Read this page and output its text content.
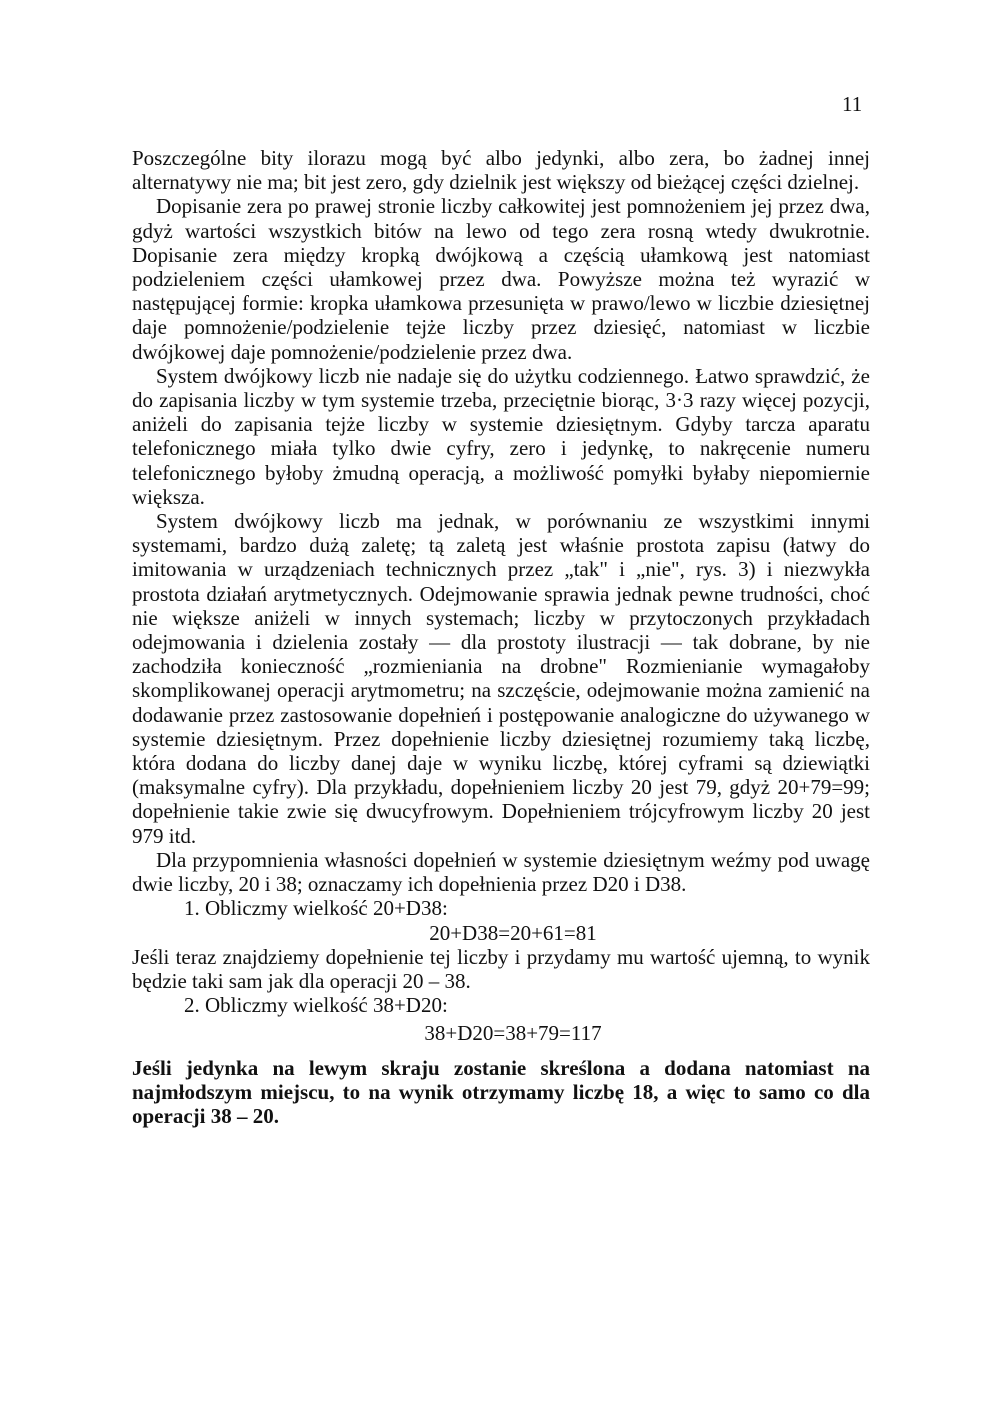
11

Poszczególne bity ilorazu mogą być albo jedynki, albo zera, bo żadnej innej alternatywy nie ma; bit jest zero, gdy dzielnik jest większy od bieżącej części dzielnej.

Dopisanie zera po prawej stronie liczby całkowitej jest pomnożeniem jej przez dwa, gdyż wartości wszystkich bitów na lewo od tego zera rosną wtedy dwukrotnie. Dopisanie zera między kropką dwójkową a częścią ułamkową jest natomiast podzieleniem części ułamkowej przez dwa. Powyższe można też wyrazić w następującej formie: kropka ułamkowa przesunięta w prawo/lewo w liczbie dziesiętnej daje pomnożenie/podzielenie tejże liczby przez dziesięć, natomiast w liczbie dwójkowej daje pomnożenie/podzielenie przez dwa.

System dwójkowy liczb nie nadaje się do użytku codziennego. Łatwo sprawdzić, że do zapisania liczby w tym systemie trzeba, przeciętnie biorąc, 3·3 razy więcej pozycji, aniżeli do zapisania tejże liczby w systemie dziesiętnym. Gdyby tarcza aparatu telefonicznego miała tylko dwie cyfry, zero i jedynkę, to nakręcenie numeru telefonicznego byłoby żmudną operacją, a możliwość pomyłki byłaby niepomiernie większa.

System dwójkowy liczb ma jednak, w porównaniu ze wszystkimi innymi systemami, bardzo dużą zaletę; tą zaletą jest właśnie prostota zapisu (łatwy do imitowania w urządzeniach technicznych przez „tak" i „nie", rys. 3) i niezwykła prostota działań arytmetycznych. Odejmowanie sprawia jednak pewne trudności, choć nie większe aniżeli w innych systemach; liczby w przytoczonych przykładach odejmowania i dzielenia zostały — dla prostoty ilustracji — tak dobrane, by nie zachodziła konieczność „rozmieniania na drobne" Rozmienianie wymagałoby skomplikowanej operacji arytmometru; na szczęście, odejmowanie można zamienić na dodawanie przez zastosowanie dopełnień i postępowanie analogiczne do używanego w systemie dziesiętnym. Przez dopełnienie liczby dziesiętnej rozumiemy taką liczbę, która dodana do liczby danej daje w wyniku liczbę, której cyframi są dziewiątki (maksymalne cyfry). Dla przykładu, dopełnieniem liczby 20 jest 79, gdyż 20+79=99; dopełnienie takie zwie się dwucyfrowym. Dopełnieniem trójcyfrowym liczby 20 jest 979 itd.

Dla przypomnienia własności dopełnień w systemie dziesiętnym weźmy pod uwagę dwie liczby, 20 i 38; oznaczamy ich dopełnienia przez D20 i D38.

1. Obliczmy wielkość 20+D38:

20+D38=20+61=81

Jeśli teraz znajdziemy dopełnienie tej liczby i przydamy mu wartość ujemną, to wynik będzie taki sam jak dla operacji 20 – 38.

2. Obliczmy wielkość 38+D20:

38+D20=38+79=117

Jeśli jedynka na lewym skraju zostanie skreślona a dodana natomiast na najmłodszym miejscu, to na wynik otrzymamy liczbę 18, a więc to samo co dla operacji 38 – 20.
